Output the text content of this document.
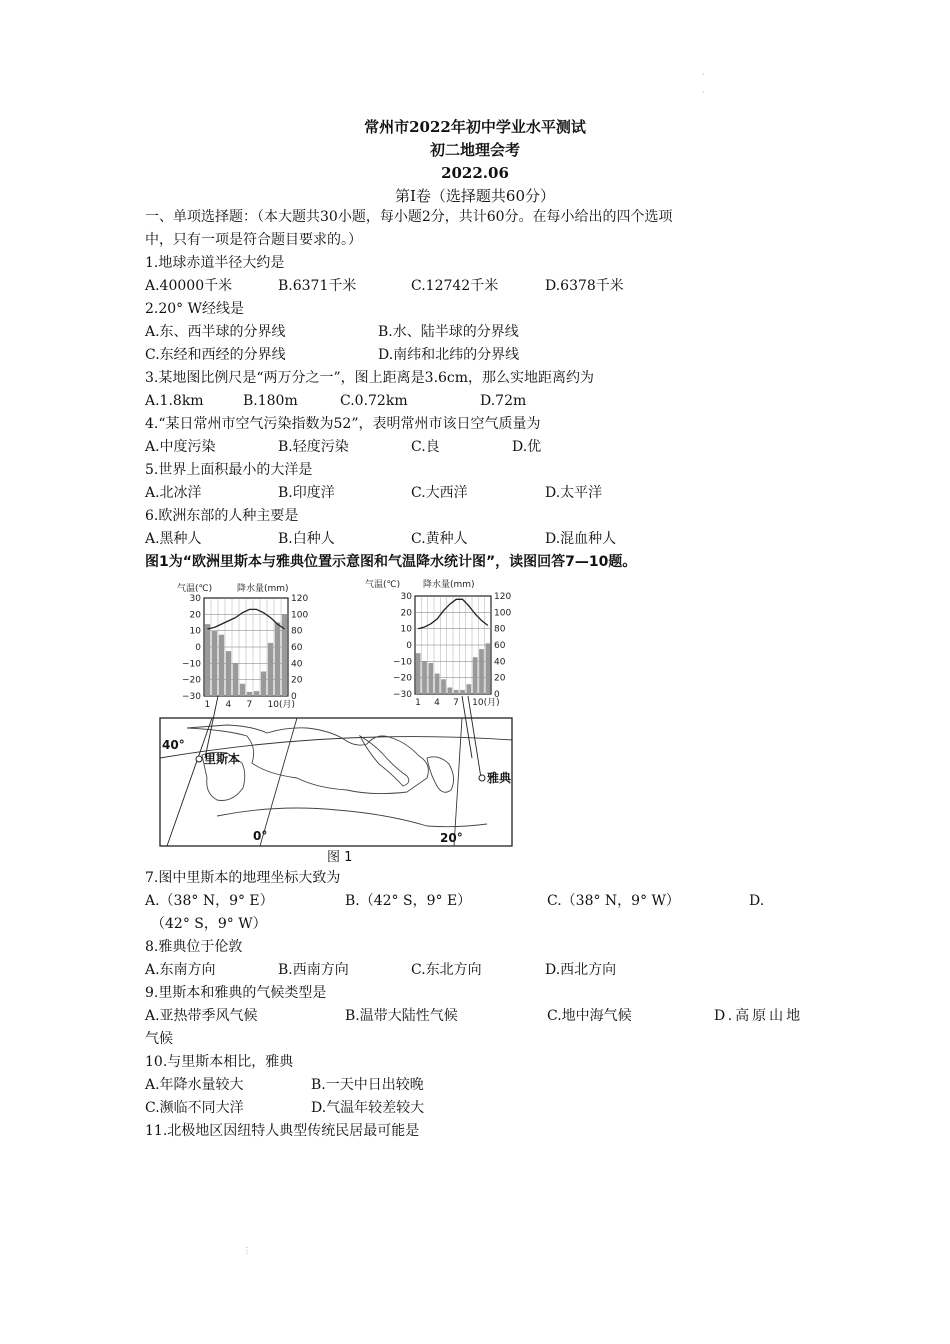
·
·
常州市2022年初中学业水平测试
初二地理会考
2022.06
第Ⅰ卷（选择题共60分）
一、单项选择题：（本大题共30小题，每小题2分，共计60分。在每小给出的四个选项
中，只有一项是符合题目要求的。）
1.地球赤道半径大约是
A.40000千米	B.6371千米	C.12742千米	D.6378千米
2.20° W经线是
A.东、西半球的分界线	B.水、陆半球的分界线
C.东经和西经的分界线	D.南纬和北纬的分界线
3.某地图比例尺是“两万分之一”，图上距离是3.6cm，那么实地距离约为
A.1.8km	B.180m	C.0.72km	D.72m
4.“某日常州市空气污染指数为52”，表明常州市该日空气质量为
A.中度污染	B.轻度污染	C.良	D.优
5.世界上面积最小的大洋是
A.北冰洋	B.印度洋	C.大西洋	D.太平洋
6.欧洲东部的人种主要是
A.黑种人	B.白种人	C.黄种人	D.混血种人
图1为“欧洲里斯本与雅典位置示意图和气温降水统计图”，读图回答7—10题。
气温(℃)	降水量(mm)
30
20
10
0
−10
−20
−30
120
100
80
60
40
20
0
1 4 7 10(月)
气温(℃)	降水量(mm)
30
20
10
0
−10
−20
−30
120
100
80
60
40
20
0
1 4 7 10(月)
里斯本
雅典
40°
0°	20°
图 1
7.图中里斯本的地理坐标大致为
A.（38° N，9° E）	B.（42° S，9° E）	C.（38° N，9° W）	D.
（42° S，9° W）
8.雅典位于伦敦
A.东南方向	B.西南方向	C.东北方向	D.西北方向
9.里斯本和雅典的气候类型是
A.亚热带季风气候	B.温带大陆性气候	C.地中海气候	D.高原山地
气候
10.与里斯本相比，雅典
A.年降水量较大	B.一天中日出较晚
C.濒临不同大洋	D.气温年较差较大
11.北极地区因纽特人典型传统民居最可能是
⋮
